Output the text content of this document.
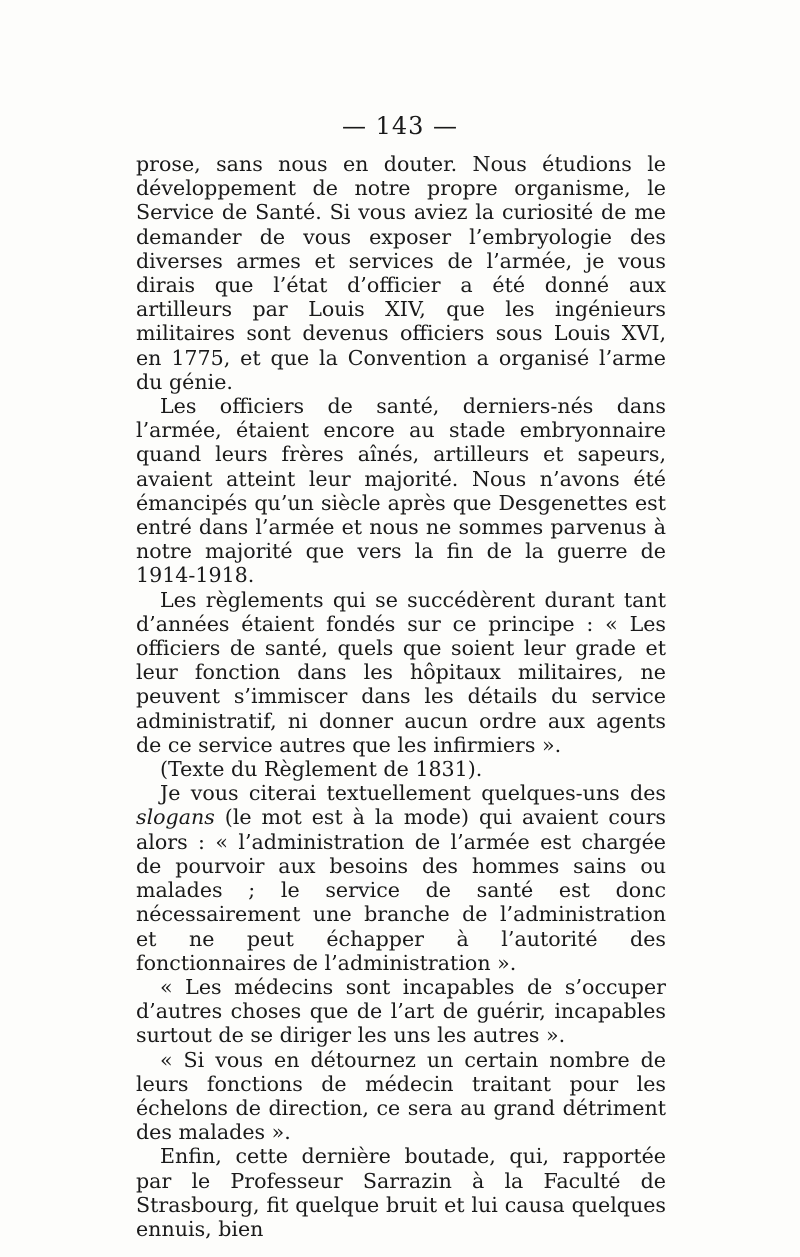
— 143 —

prose, sans nous en douter. Nous étudions le développement de notre propre organisme, le Service de Santé. Si vous aviez la curiosité de me demander de vous exposer l’embryologie des diverses armes et services de l’armée, je vous dirais que l’état d’officier a été donné aux artilleurs par Louis XIV, que les ingénieurs militaires sont devenus officiers sous Louis XVI, en 1775, et que la Convention a organisé l’arme du génie.

Les officiers de santé, derniers-nés dans l’armée, étaient encore au stade embryonnaire quand leurs frères aînés, artilleurs et sapeurs, avaient atteint leur majorité. Nous n’avons été émancipés qu’un siècle après que Desgenettes est entré dans l’armée et nous ne sommes parvenus à notre majorité que vers la fin de la guerre de 1914-1918.

Les règlements qui se succédèrent durant tant d’années étaient fondés sur ce principe : « Les officiers de santé, quels que soient leur grade et leur fonction dans les hôpitaux militaires, ne peuvent s’immiscer dans les détails du service administratif, ni donner aucun ordre aux agents de ce service autres que les infirmiers ».

(Texte du Règlement de 1831).

Je vous citerai textuellement quelques-uns des slogans (le mot est à la mode) qui avaient cours alors : « l’administration de l’armée est chargée de pourvoir aux besoins des hommes sains ou malades ; le service de santé est donc nécessairement une branche de l’administration et ne peut échapper à l’autorité des fonctionnaires de l’administration ».

« Les médecins sont incapables de s’occuper d’autres choses que de l’art de guérir, incapables surtout de se diriger les uns les autres ».

« Si vous en détournez un certain nombre de leurs fonctions de médecin traitant pour les échelons de direction, ce sera au grand détriment des malades ».

Enfin, cette dernière boutade, qui, rapportée par le Professeur Sarrazin à la Faculté de Strasbourg, fit quelque bruit et lui causa quelques ennuis, bien
